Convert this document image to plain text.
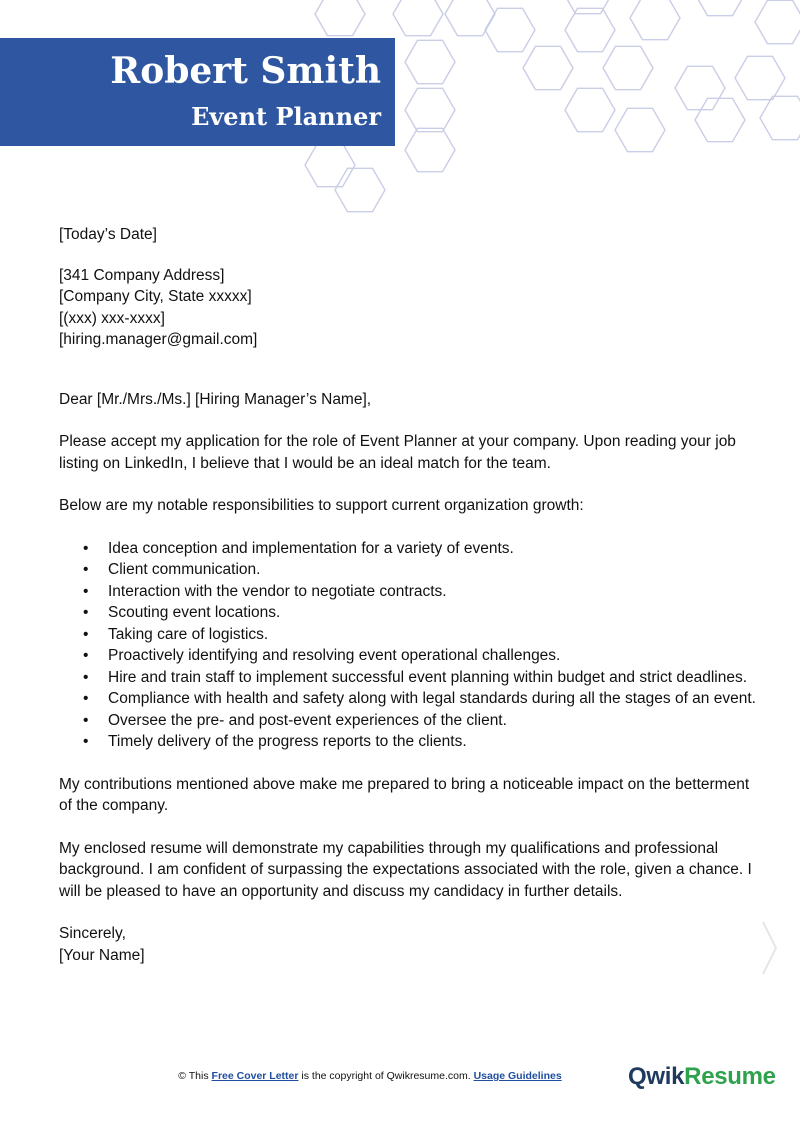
Robert Smith
Event Planner

[Today’s Date]

[341 Company Address]

[Company City, State xxxxx]

[(xxx) xxx-xxxx]

[hiring.manager@gmail.com]

Dear [Mr./Mrs./Ms.] [Hiring Manager’s Name],

Please accept my application for the role of Event Planner at your company. Upon reading your job listing on LinkedIn, I believe that I would be an ideal match for the team.

Below are my notable responsibilities to support current organization growth:

• Idea conception and implementation for a variety of events.
• Client communication.
• Interaction with the vendor to negotiate contracts.
• Scouting event locations.
• Taking care of logistics.
• Proactively identifying and resolving event operational challenges.
• Hire and train staff to implement successful event planning within budget and strict deadlines.
• Compliance with health and safety along with legal standards during all the stages of an event.
• Oversee the pre- and post-event experiences of the client.
• Timely delivery of the progress reports to the clients.

My contributions mentioned above make me prepared to bring a noticeable impact on the betterment of the company.

My enclosed resume will demonstrate my capabilities through my qualifications and professional background. I am confident of surpassing the expectations associated with the role, given a chance. I will be pleased to have an opportunity and discuss my candidacy in further details.

Sincerely,

[Your Name]

© This Free Cover Letter is the copyright of Qwikresume.com. Usage Guidelines	QwikResume
